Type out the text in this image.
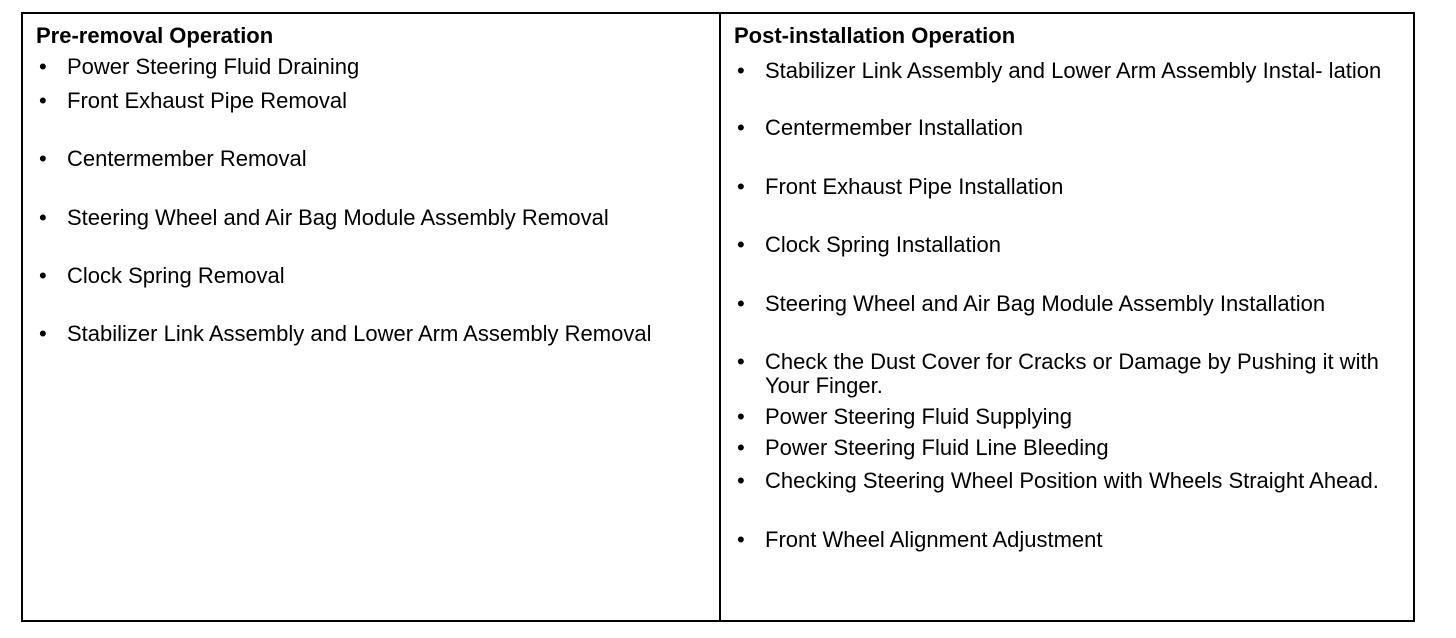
Pre-removal Operation
• Power Steering Fluid Draining
• Front Exhaust Pipe Removal
• Centermember Removal
• Steering Wheel and Air Bag Module Assembly Removal
• Clock Spring Removal
• Stabilizer Link Assembly and Lower Arm Assembly Removal
Post-installation Operation
• Stabilizer Link Assembly and Lower Arm Assembly Instal- lation
• Centermember Installation
• Front Exhaust Pipe Installation
• Clock Spring Installation
• Steering Wheel and Air Bag Module Assembly Installation
• Check the Dust Cover for Cracks or Damage by Pushing it with Your Finger.
• Power Steering Fluid Supplying
• Power Steering Fluid Line Bleeding
• Checking Steering Wheel Position with Wheels Straight Ahead.
• Front Wheel Alignment Adjustment
